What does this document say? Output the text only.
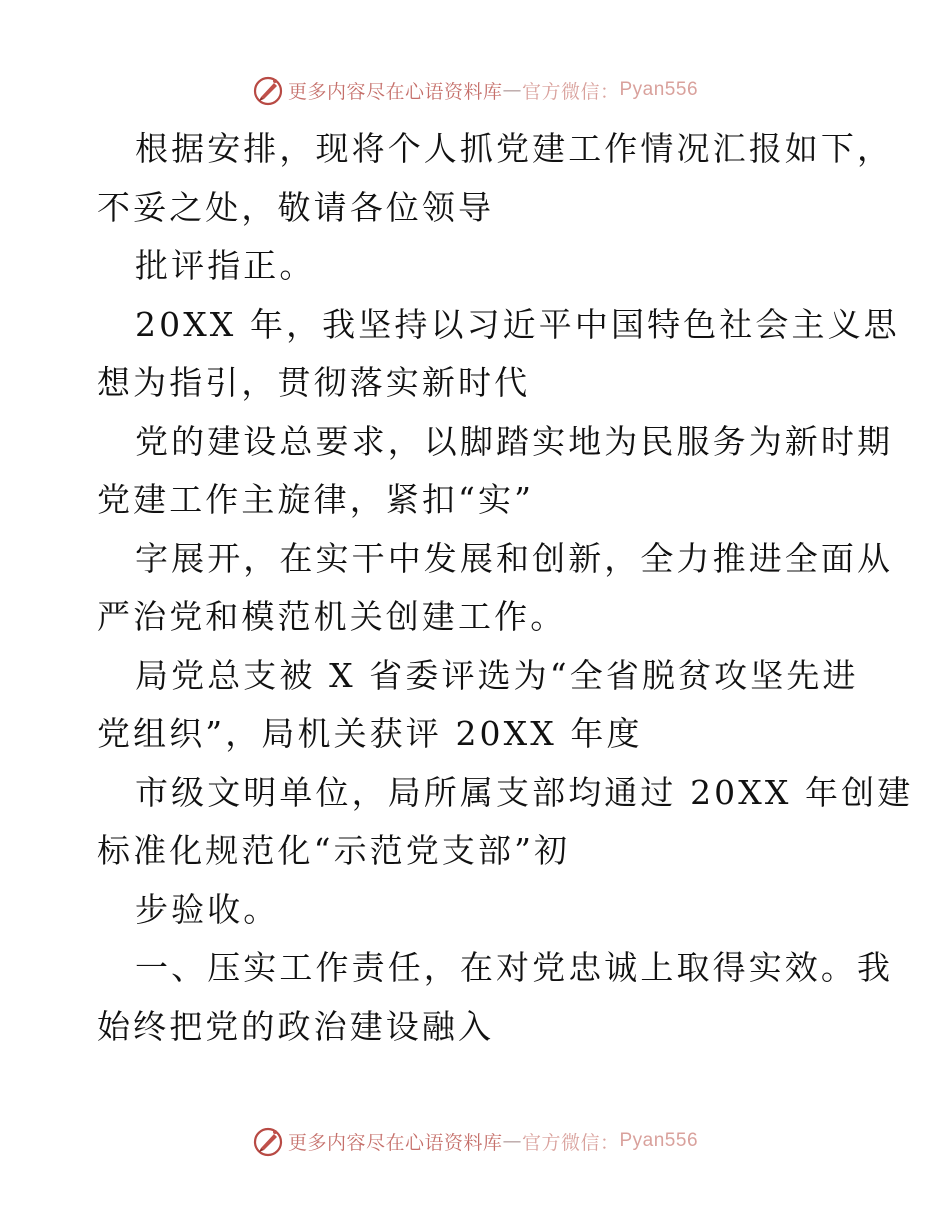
更多内容尽在心语资料库 — 官方微信： Pyan556

根据安排，现将个人抓党建工作情况汇报如下，

不妥之处，敬请各位领导

批评指正。

20XX 年，我坚持以习近平中国特色社会主义思

想为指引，贯彻落实新时代

党的建设总要求，以脚踏实地为民服务为新时期

党建工作主旋律，紧扣“实”

字展开，在实干中发展和创新，全力推进全面从

严治党和模范机关创建工作。

局党总支被 X 省委评选为“全省脱贫攻坚先进

党组织”，局机关获评 20XX 年度

市级文明单位，局所属支部均通过 20XX 年创建

标准化规范化“示范党支部”初

步验收。

一、压实工作责任，在对党忠诚上取得实效。我

始终把党的政治建设融入

更多内容尽在心语资料库 — 官方微信： Pyan556
